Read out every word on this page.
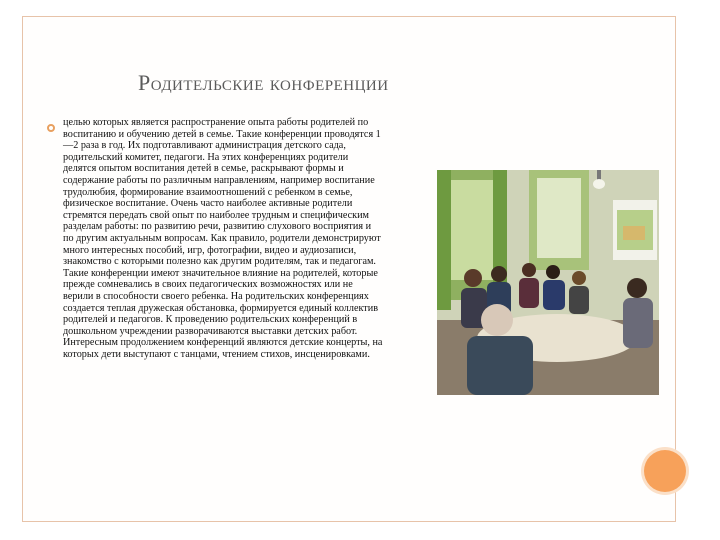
Родительские конференции

целью которых является распространение опыта работы родителей по воспитанию и обучению детей в семье. Такие конференции проводятся 1—2 раза в год. Их подготавливают администрация детского сада, родительский комитет, педагоги. На этих конференциях родители делятся опытом воспитания детей в семье, раскрывают формы и содержание работы по различным направлениям, например воспитание трудолюбия, формирование взаимоотношений с ребенком в семье, физическое воспитание. Очень часто наиболее активные родители стремятся передать свой опыт по наиболее трудным и специфическим разделам работы: по развитию речи, развитию слухового восприятия и по другим актуальным вопросам. Как правило, родители демонстрируют много интересных пособий, игр, фотографии, видео и аудиозаписи, знакомство с которыми полезно как другим родителям, так и педагогам. Такие конференции имеют значительное влияние на родителей, которые прежде сомневались в своих педагогических возможностях или не верили в способности своего ребенка. На родительских конференциях создается теплая дружеская обстановка, формируется единый коллектив родителей и педагогов. К проведению родительских конференций в дошкольном учреждении разворачиваются выставки детских работ. Интересным продолжением конференций являются детские концерты, на которых дети выступают с танцами, чтением стихов, инсценировками.
